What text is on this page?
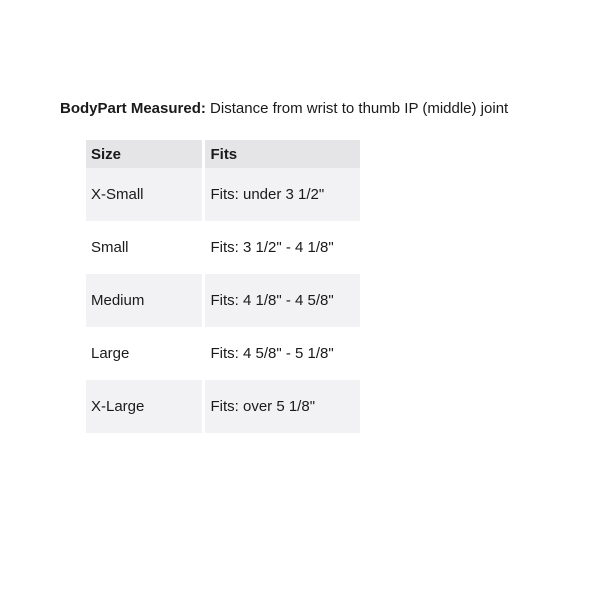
BodyPart Measured: Distance from wrist to thumb IP (middle) joint
Size	Fits
X-Small	Fits: under 3 1/2"
Small	Fits: 3 1/2" - 4 1/8"
Medium	Fits: 4 1/8" - 4 5/8"
Large	Fits: 4 5/8" - 5 1/8"
X-Large	Fits: over 5 1/8"
